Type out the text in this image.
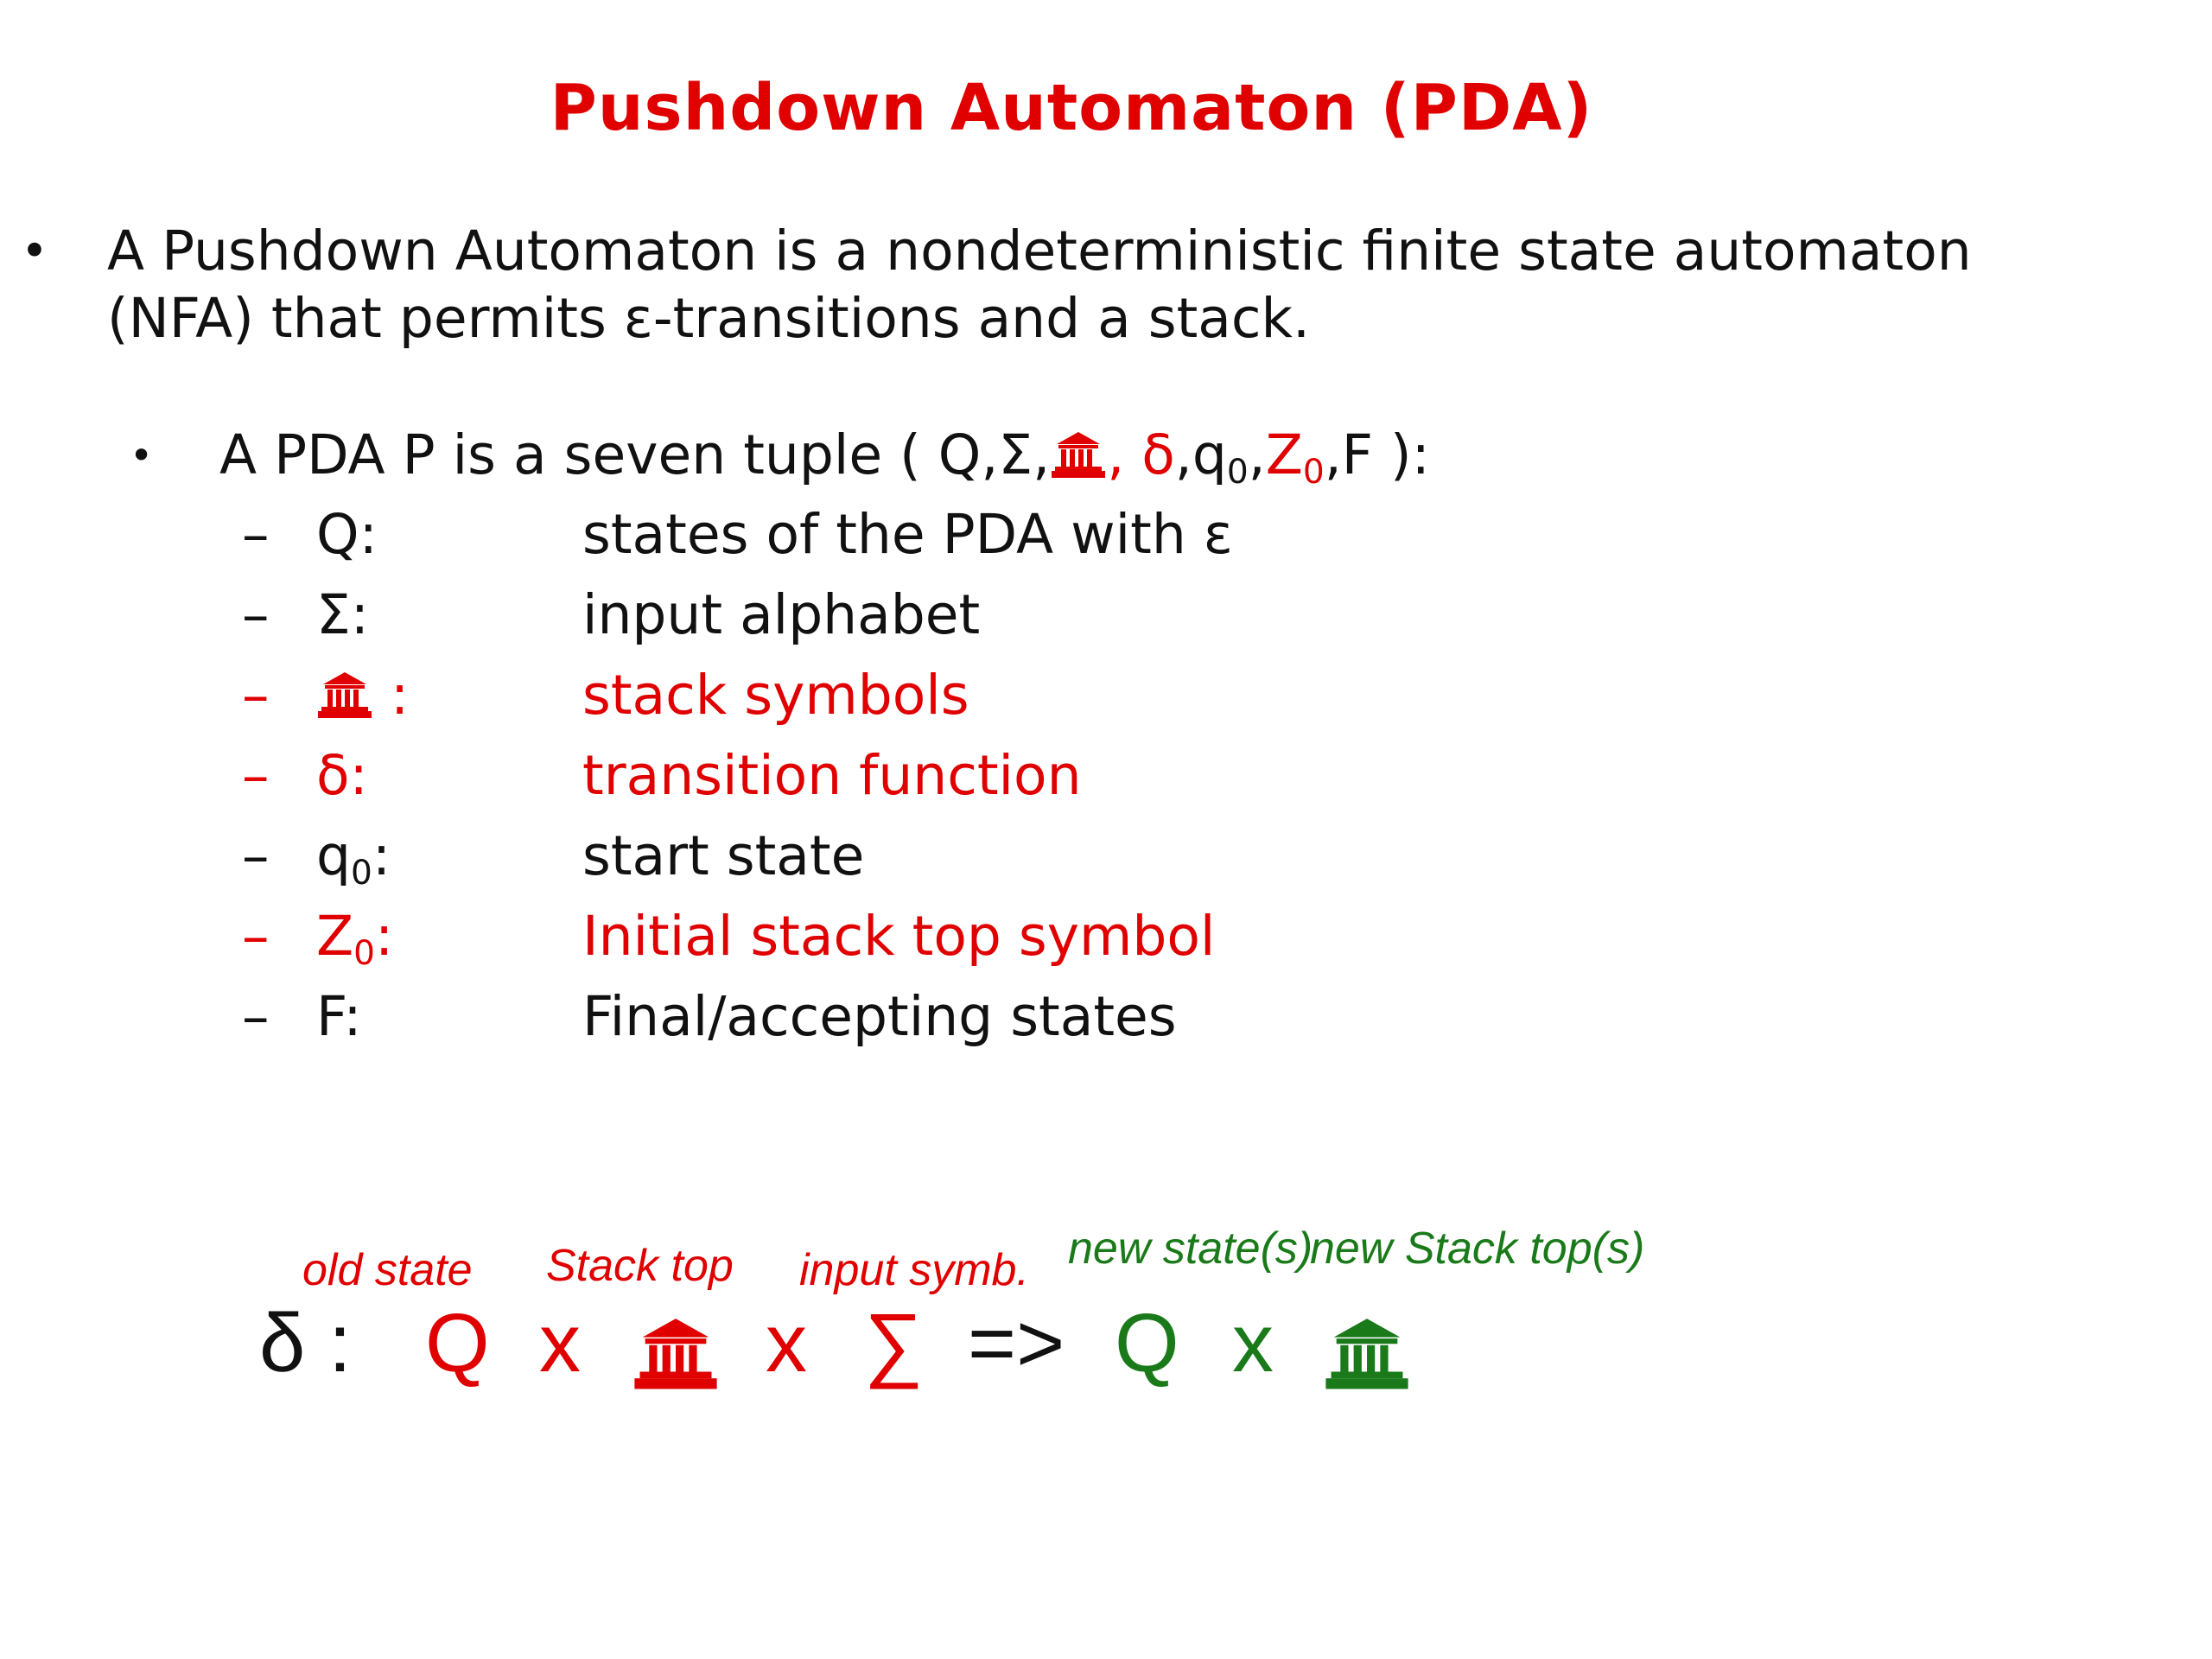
Pushdown Automaton (PDA)
• A Pushdown Automaton is a nondeterministic finite state automaton
(NFA) that permits ε-transitions and a stack.
• A PDA P is a seven tuple ( Q,Σ, , $\delta,q_0,Z_0,F$ ):
– Q:	states of the PDA with ε
– Σ:	input alphabet
–	:	stack symbols
– δ:	transition function
– $q_0$:	start state
– $Z_0$:	Initial stack top symbol
– F:	Final/accepting states
old state Stack top input symb. new state(s)
new Stack top(s)
δ : Q x x ∑ => Q x
